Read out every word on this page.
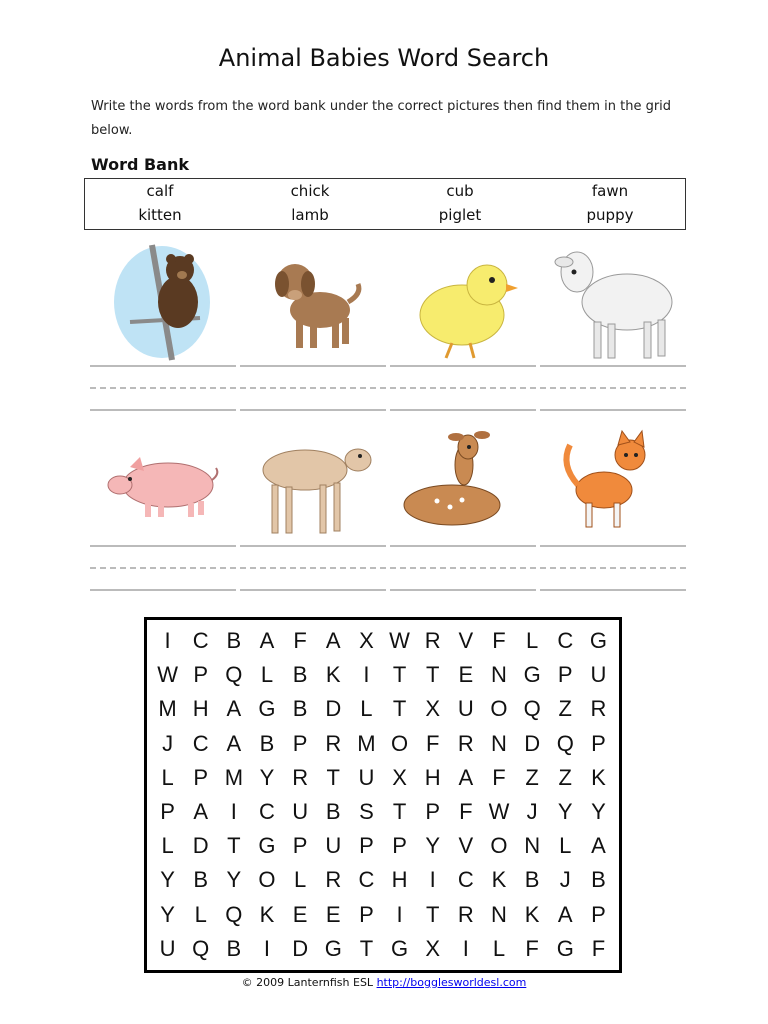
Animal Babies Word Search
Write the words from the word bank under the correct pictures then find them in the grid below.
Word Bank
calf	chick	cub	fawn
kitten	lamb	piglet	puppy
I	C B A F A X W R V F L C G
W P Q L B K	I	T T E N G P U
M H A G B D L T X U O Q Z R
J C A B P R M O F R N D Q P
L P M Y R T U X H A F Z Z K
P A	I	C U B S T P F W J Y Y
L D T G P U P P Y V O N L A
Y B Y O L R C H	I	C K B J B
Y L Q K E E P	I	T R N K A P
U Q B	I	D G T G X	I	L F G F
© 2009 Lanternfish ESL http://bogglesworldesl.com
